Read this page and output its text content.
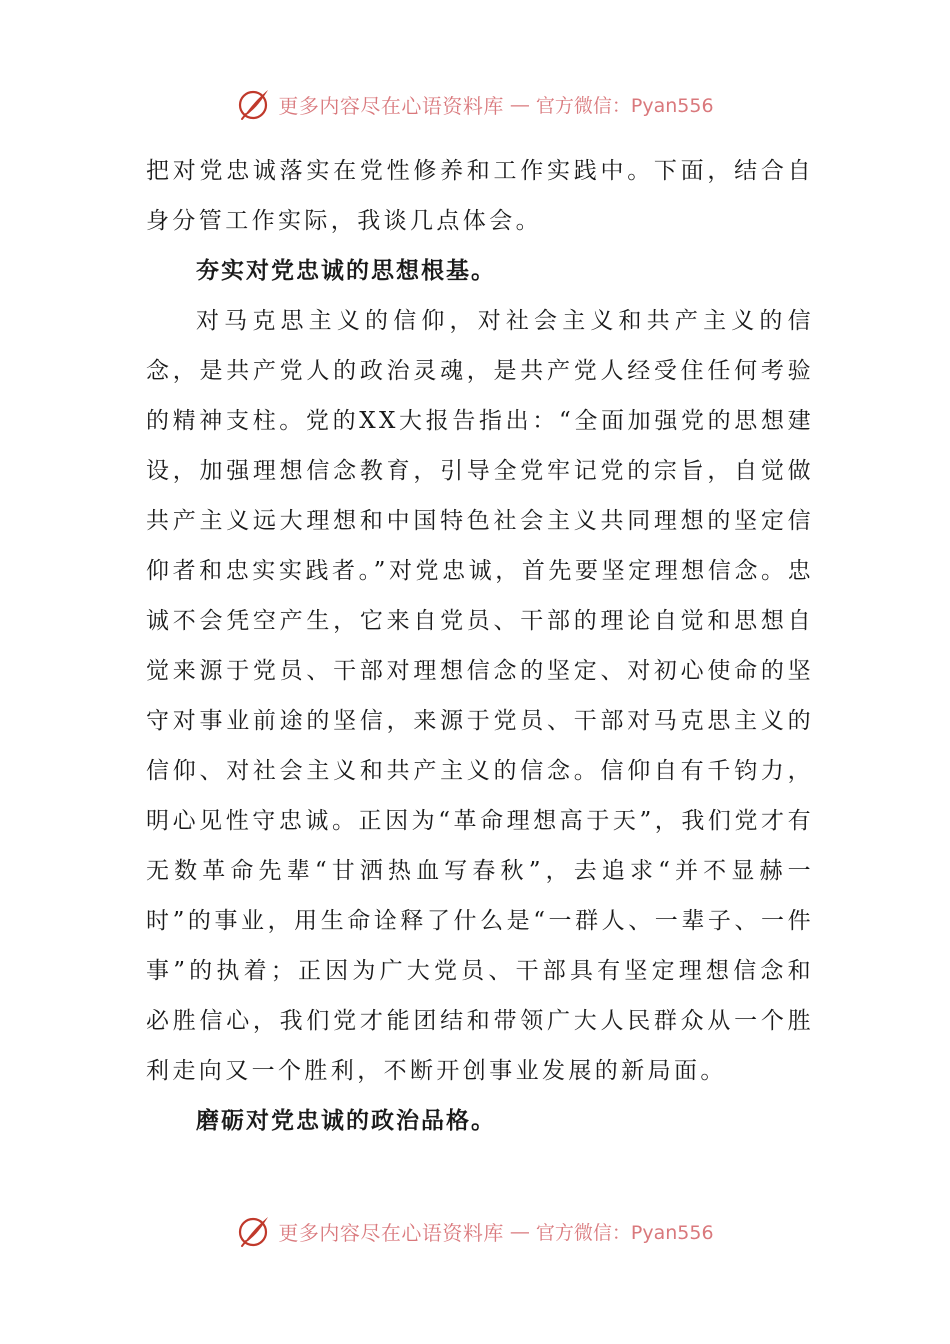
更多内容尽在心语资料库 — 官方微信：Pyan556

把对党忠诚落实在党性修养和工作实践中。下面，结合自身分管工作实际，我谈几点体会。

夯实对党忠诚的思想根基。

对马克思主义的信仰，对社会主义和共产主义的信念，是共产党人的政治灵魂，是共产党人经受住任何考验的精神支柱。党的XX大报告指出：“全面加强党的思想建设，加强理想信念教育，引导全党牢记党的宗旨，自觉做共产主义远大理想和中国特色社会主义共同理想的坚定信仰者和忠实实践者。”对党忠诚，首先要坚定理想信念。忠诚不会凭空产生，它来自党员、干部的理论自觉和思想自觉来源于党员、干部对理想信念的坚定、对初心使命的坚守对事业前途的坚信，来源于党员、干部对马克思主义的信仰、对社会主义和共产主义的信念。信仰自有千钧力，明心见性守忠诚。正因为“革命理想高于天”，我们党才有无数革命先辈“甘洒热血写春秋”，去追求“并不显赫一时”的事业，用生命诠释了什么是“一群人、一辈子、一件事”的执着；正因为广大党员、干部具有坚定理想信念和必胜信心，我们党才能团结和带领广大人民群众从一个胜利走向又一个胜利，不断开创事业发展的新局面。

磨砺对党忠诚的政治品格。

更多内容尽在心语资料库 — 官方微信：Pyan556
